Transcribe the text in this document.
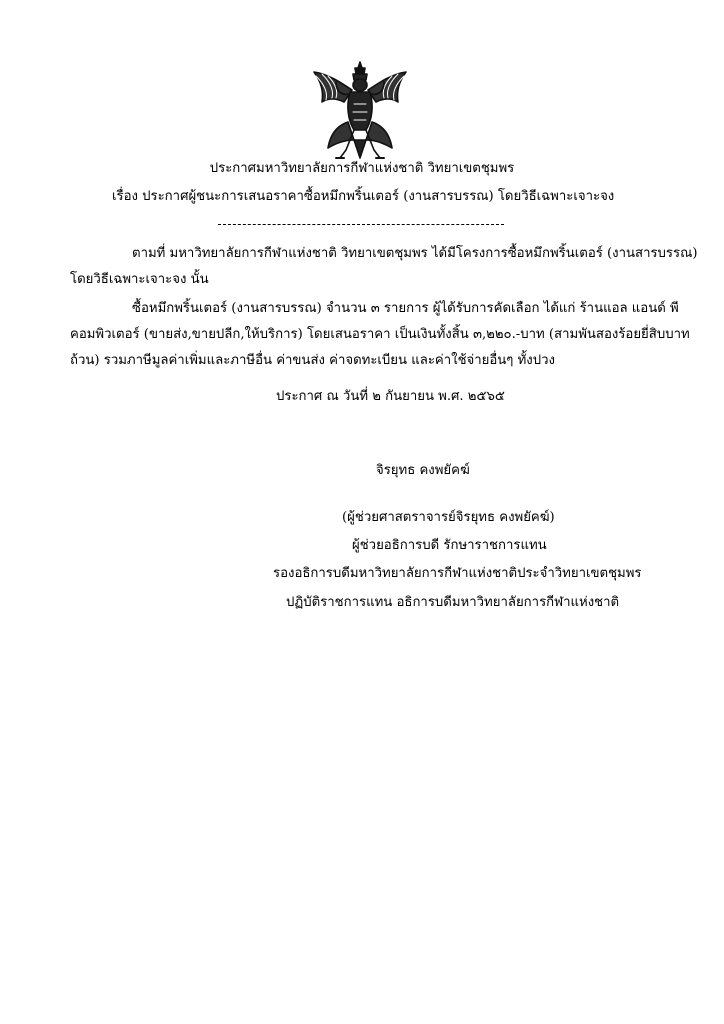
ประกาศมหาวิทยาลัยการกีฬาแห่งชาติ วิทยาเขตชุมพร
เรื่อง ประกาศผู้ชนะการเสนอราคาซื้อหมึกพริ้นเตอร์ (งานสารบรรณ) โดยวิธีเฉพาะเจาะจง
ตามที่ มหาวิทยาลัยการกีฬาแห่งชาติ วิทยาเขตชุมพร ได้มีโครงการซื้อหมึกพริ้นเตอร์ (งานสารบรรณ)
โดยวิธีเฉพาะเจาะจง นั้น
ซื้อหมึกพริ้นเตอร์ (งานสารบรรณ) จำนวน ๓ รายการ ผู้ได้รับการคัดเลือก ได้แก่ ร้านแอล แอนด์ พี
คอมพิวเตอร์ (ขายส่ง,ขายปลีก,ให้บริการ) โดยเสนอราคา เป็นเงินทั้งสิ้น ๓,๒๒๐.-บาท (สามพันสองร้อยยี่สิบบาท
ถ้วน) รวมภาษีมูลค่าเพิ่มและภาษีอื่น ค่าขนส่ง ค่าจดทะเบียน และค่าใช้จ่ายอื่นๆ ทั้งปวง
ประกาศ ณ วันที่ ๒ กันยายน พ.ศ. ๒๕๖๕
จิรยุทธ คงพยัคฆ์
(ผู้ช่วยศาสตราจารย์จิรยุทธ คงพยัคฆ์)
ผู้ช่วยอธิการบดี รักษาราชการแทน
รองอธิการบดีมหาวิทยาลัยการกีฬาแห่งชาติประจำวิทยาเขตชุมพร
ปฏิบัติราชการแทน อธิการบดีมหาวิทยาลัยการกีฬาแห่งชาติ
